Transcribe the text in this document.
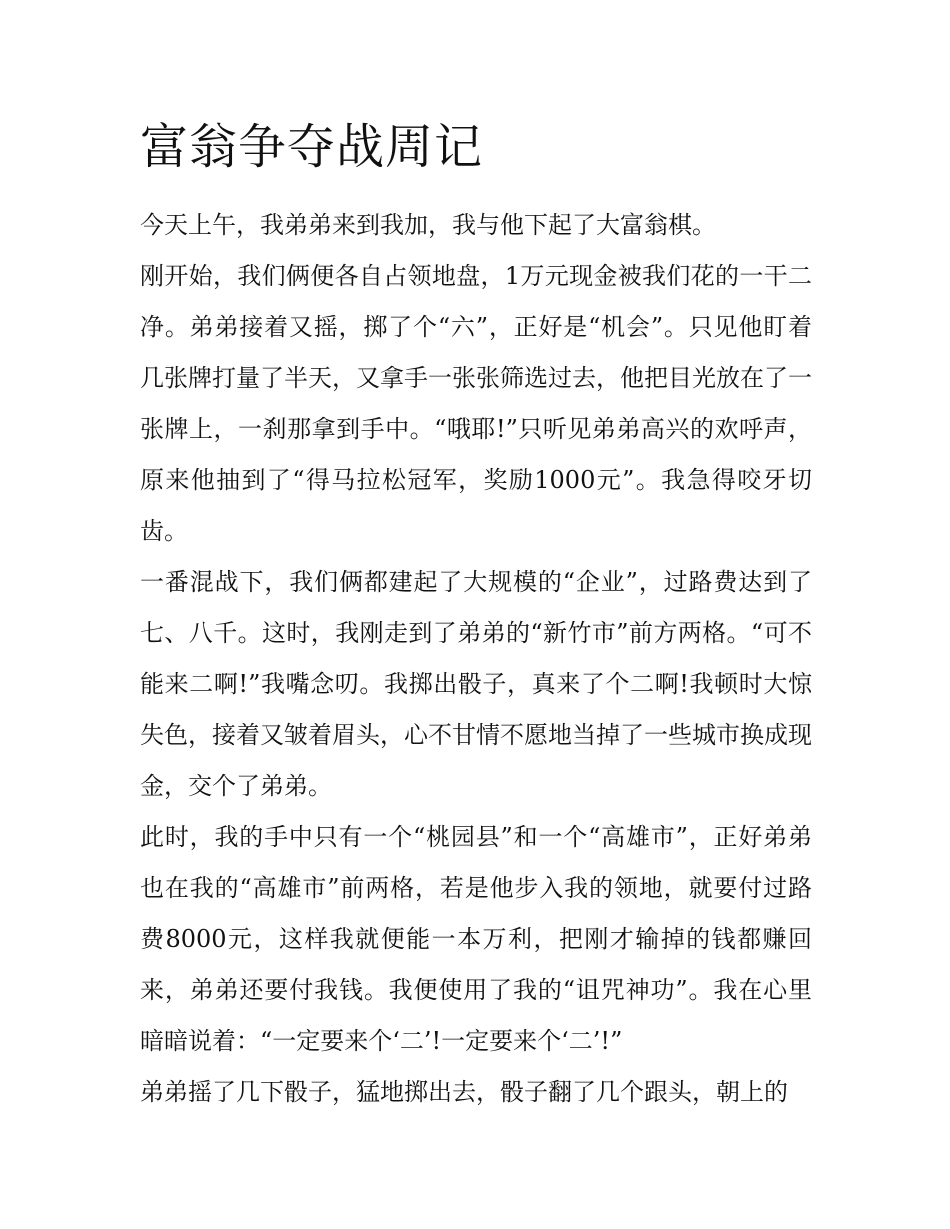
富翁争夺战周记

今天上午，我弟弟来到我加，我与他下起了大富翁棋。

刚开始，我们俩便各自占领地盘，1万元现金被我们花的一干二净。弟弟接着又摇，掷了个“六”，正好是“机会”。只见他盯着几张牌打量了半天，又拿手一张张筛选过去，他把目光放在了一张牌上，一刹那拿到手中。“哦耶!”只听见弟弟高兴的欢呼声，原来他抽到了“得马拉松冠军，奖励1000元”。我急得咬牙切齿。

一番混战下，我们俩都建起了大规模的“企业”，过路费达到了七、八千。这时，我刚走到了弟弟的“新竹市”前方两格。“可不能来二啊!”我嘴念叨。我掷出骰子，真来了个二啊!我顿时大惊失色，接着又皱着眉头，心不甘情不愿地当掉了一些城市换成现金，交个了弟弟。

此时，我的手中只有一个“桃园县”和一个“高雄市”，正好弟弟也在我的“高雄市”前两格，若是他步入我的领地，就要付过路费8000元，这样我就便能一本万利，把刚才输掉的钱都赚回来，弟弟还要付我钱。我便使用了我的“诅咒神功”。我在心里暗暗说着：“一定要来个‘二’!一定要来个‘二’!”

弟弟摇了几下骰子，猛地掷出去，骰子翻了几个跟头，朝上的
